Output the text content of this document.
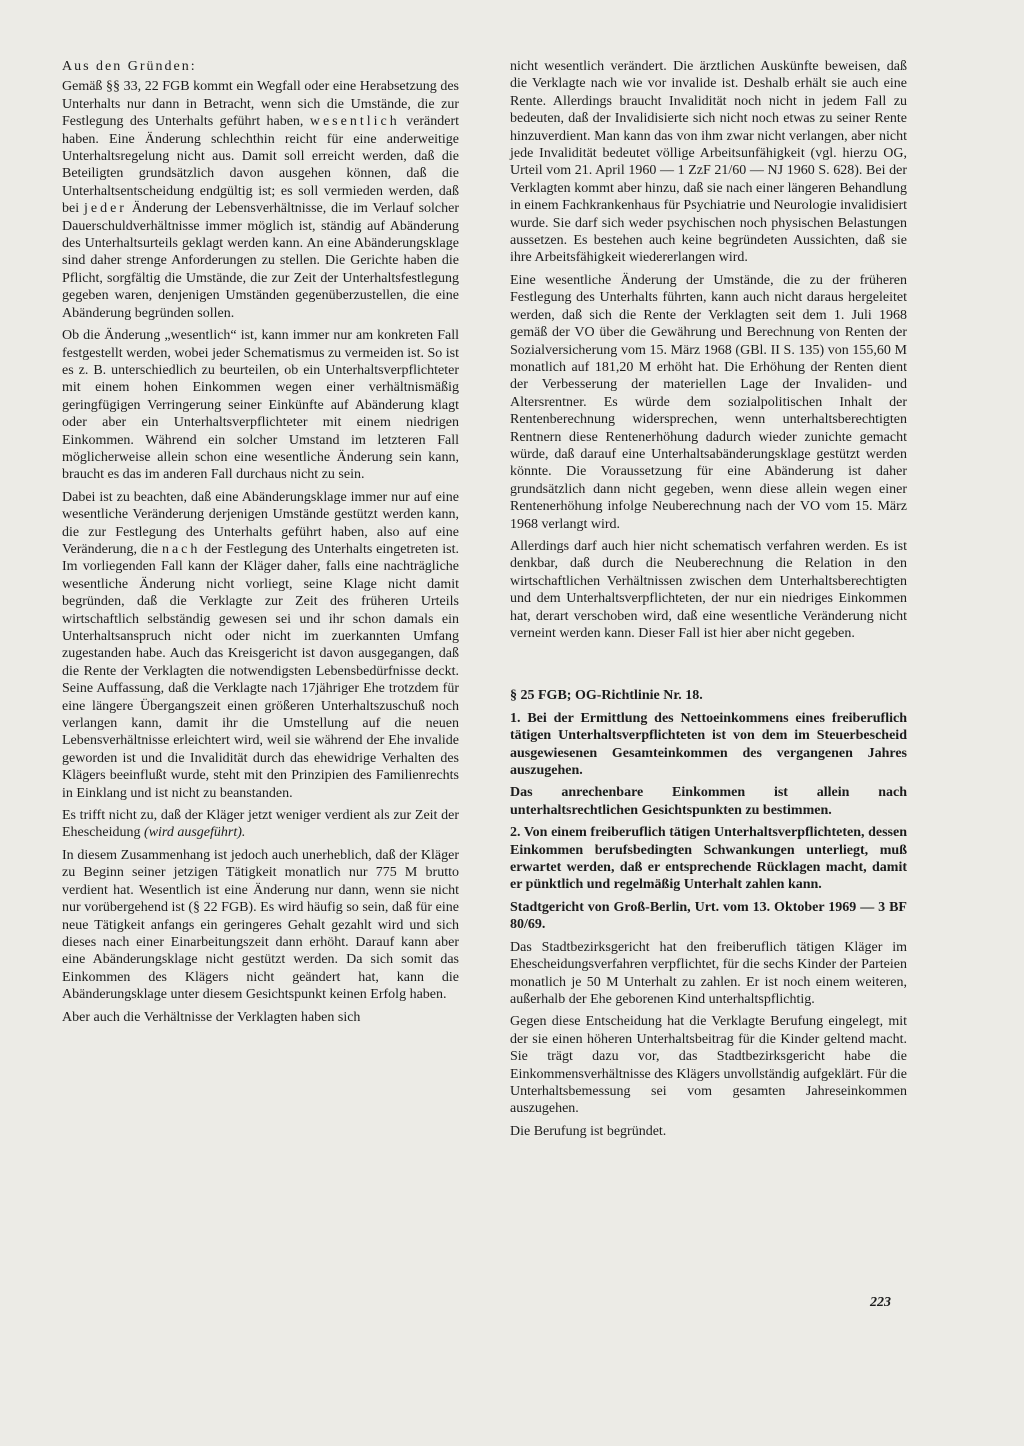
Aus den Gründen:

Gemäß §§ 33, 22 FGB kommt ein Wegfall oder eine Herabsetzung des Unterhalts nur dann in Betracht, wenn sich die Umstände, die zur Festlegung des Unterhalts geführt haben, wesentlich verändert haben. Eine Änderung schlechthin reicht für eine anderweitige Unterhaltsregelung nicht aus. Damit soll erreicht werden, daß die Beteiligten grundsätzlich davon ausgehen können, daß die Unterhaltsentscheidung endgültig ist; es soll vermieden werden, daß bei jeder Änderung der Lebensverhältnisse, die im Verlauf solcher Dauerschuldverhältnisse immer möglich ist, ständig auf Abänderung des Unterhaltsurteils geklagt werden kann. An eine Abänderungsklage sind daher strenge Anforderungen zu stellen. Die Gerichte haben die Pflicht, sorgfältig die Umstände, die zur Zeit der Unterhaltsfestlegung gegeben waren, denjenigen Umständen gegenüberzustellen, die eine Abänderung begründen sollen.

Ob die Änderung „wesentlich“ ist, kann immer nur am konkreten Fall festgestellt werden, wobei jeder Schematismus zu vermeiden ist. So ist es z. B. unterschiedlich zu beurteilen, ob ein Unterhaltsverpflichteter mit einem hohen Einkommen wegen einer verhältnismäßig geringfügigen Verringerung seiner Einkünfte auf Abänderung klagt oder aber ein Unterhaltsverpflichteter mit einem niedrigen Einkommen. Während ein solcher Umstand im letzteren Fall möglicherweise allein schon eine wesentliche Änderung sein kann, braucht es das im anderen Fall durchaus nicht zu sein.

Dabei ist zu beachten, daß eine Abänderungsklage immer nur auf eine wesentliche Veränderung derjenigen Umstände gestützt werden kann, die zur Festlegung des Unterhalts geführt haben, also auf eine Veränderung, die nach der Festlegung des Unterhalts eingetreten ist. Im vorliegenden Fall kann der Kläger daher, falls eine nachträgliche wesentliche Änderung nicht vorliegt, seine Klage nicht damit begründen, daß die Verklagte zur Zeit des früheren Urteils wirtschaftlich selbständig gewesen sei und ihr schon damals ein Unterhaltsanspruch nicht oder nicht im zuerkannten Umfang zugestanden habe. Auch das Kreisgericht ist davon ausgegangen, daß die Rente der Verklagten die notwendigsten Lebensbedürfnisse deckt. Seine Auffassung, daß die Verklagte nach 17jähriger Ehe trotzdem für eine längere Übergangszeit einen größeren Unterhaltszuschuß noch verlangen kann, damit ihr die Umstellung auf die neuen Lebensverhältnisse erleichtert wird, weil sie während der Ehe invalide geworden ist und die Invalidität durch das ehewidrige Verhalten des Klägers beeinflußt wurde, steht mit den Prinzipien des Familienrechts in Einklang und ist nicht zu beanstanden.

Es trifft nicht zu, daß der Kläger jetzt weniger verdient als zur Zeit der Ehescheidung (wird ausgeführt).

In diesem Zusammenhang ist jedoch auch unerheblich, daß der Kläger zu Beginn seiner jetzigen Tätigkeit monatlich nur 775 M brutto verdient hat. Wesentlich ist eine Änderung nur dann, wenn sie nicht nur vorübergehend ist (§ 22 FGB). Es wird häufig so sein, daß für eine neue Tätigkeit anfangs ein geringeres Gehalt gezahlt wird und sich dieses nach einer Einarbeitungszeit dann erhöht. Darauf kann aber eine Abänderungsklage nicht gestützt werden. Da sich somit das Einkommen des Klägers nicht geändert hat, kann die Abänderungsklage unter diesem Gesichtspunkt keinen Erfolg haben.

Aber auch die Verhältnisse der Verklagten haben sich

nicht wesentlich verändert. Die ärztlichen Auskünfte beweisen, daß die Verklagte nach wie vor invalide ist. Deshalb erhält sie auch eine Rente. Allerdings braucht Invalidität noch nicht in jedem Fall zu bedeuten, daß der Invalidisierte sich nicht noch etwas zu seiner Rente hinzuverdient. Man kann das von ihm zwar nicht verlangen, aber nicht jede Invalidität bedeutet völlige Arbeitsunfähigkeit (vgl. hierzu OG, Urteil vom 21. April 1960 — 1 ZzF 21/60 — NJ 1960 S. 628). Bei der Verklagten kommt aber hinzu, daß sie nach einer längeren Behandlung in einem Fachkrankenhaus für Psychiatrie und Neurologie invalidisiert wurde. Sie darf sich weder psychischen noch physischen Belastungen aussetzen. Es bestehen auch keine begründeten Aussichten, daß sie ihre Arbeitsfähigkeit wiedererlangen wird.

Eine wesentliche Änderung der Umstände, die zu der früheren Festlegung des Unterhalts führten, kann auch nicht daraus hergeleitet werden, daß sich die Rente der Verklagten seit dem 1. Juli 1968 gemäß der VO über die Gewährung und Berechnung von Renten der Sozialversicherung vom 15. März 1968 (GBl. II S. 135) von 155,60 M monatlich auf 181,20 M erhöht hat. Die Erhöhung der Renten dient der Verbesserung der materiellen Lage der Invaliden- und Altersrentner. Es würde dem sozialpolitischen Inhalt der Rentenberechnung widersprechen, wenn unterhaltsberechtigten Rentnern diese Rentenerhöhung dadurch wieder zunichte gemacht würde, daß darauf eine Unterhaltsabänderungsklage gestützt werden könnte. Die Voraussetzung für eine Abänderung ist daher grundsätzlich dann nicht gegeben, wenn diese allein wegen einer Rentenerhöhung infolge Neuberechnung nach der VO vom 15. März 1968 verlangt wird.

Allerdings darf auch hier nicht schematisch verfahren werden. Es ist denkbar, daß durch die Neuberechnung die Relation in den wirtschaftlichen Verhältnissen zwischen dem Unterhaltsberechtigten und dem Unterhaltsverpflichteten, der nur ein niedriges Einkommen hat, derart verschoben wird, daß eine wesentliche Veränderung nicht verneint werden kann. Dieser Fall ist hier aber nicht gegeben.

§ 25 FGB; OG-Richtlinie Nr. 18.

1. Bei der Ermittlung des Nettoeinkommens eines freiberuflich tätigen Unterhaltsverpflichteten ist von dem im Steuerbescheid ausgewiesenen Gesamteinkommen des vergangenen Jahres auszugehen.

Das anrechenbare Einkommen ist allein nach unterhaltsrechtlichen Gesichtspunkten zu bestimmen.

2. Von einem freiberuflich tätigen Unterhaltsverpflichteten, dessen Einkommen berufsbedingten Schwankungen unterliegt, muß erwartet werden, daß er entsprechende Rücklagen macht, damit er pünktlich und regelmäßig Unterhalt zahlen kann.

Stadtgericht von Groß-Berlin, Urt. vom 13. Oktober 1969 — 3 BF 80/69.

Das Stadtbezirksgericht hat den freiberuflich tätigen Kläger im Ehescheidungsverfahren verpflichtet, für die sechs Kinder der Parteien monatlich je 50 M Unterhalt zu zahlen. Er ist noch einem weiteren, außerhalb der Ehe geborenen Kind unterhaltspflichtig.

Gegen diese Entscheidung hat die Verklagte Berufung eingelegt, mit der sie einen höheren Unterhaltsbeitrag für die Kinder geltend macht. Sie trägt dazu vor, das Stadtbezirksgericht habe die Einkommensverhältnisse des Klägers unvollständig aufgeklärt. Für die Unterhaltsbemessung sei vom gesamten Jahreseinkommen auszugehen.

Die Berufung ist begründet.

223
